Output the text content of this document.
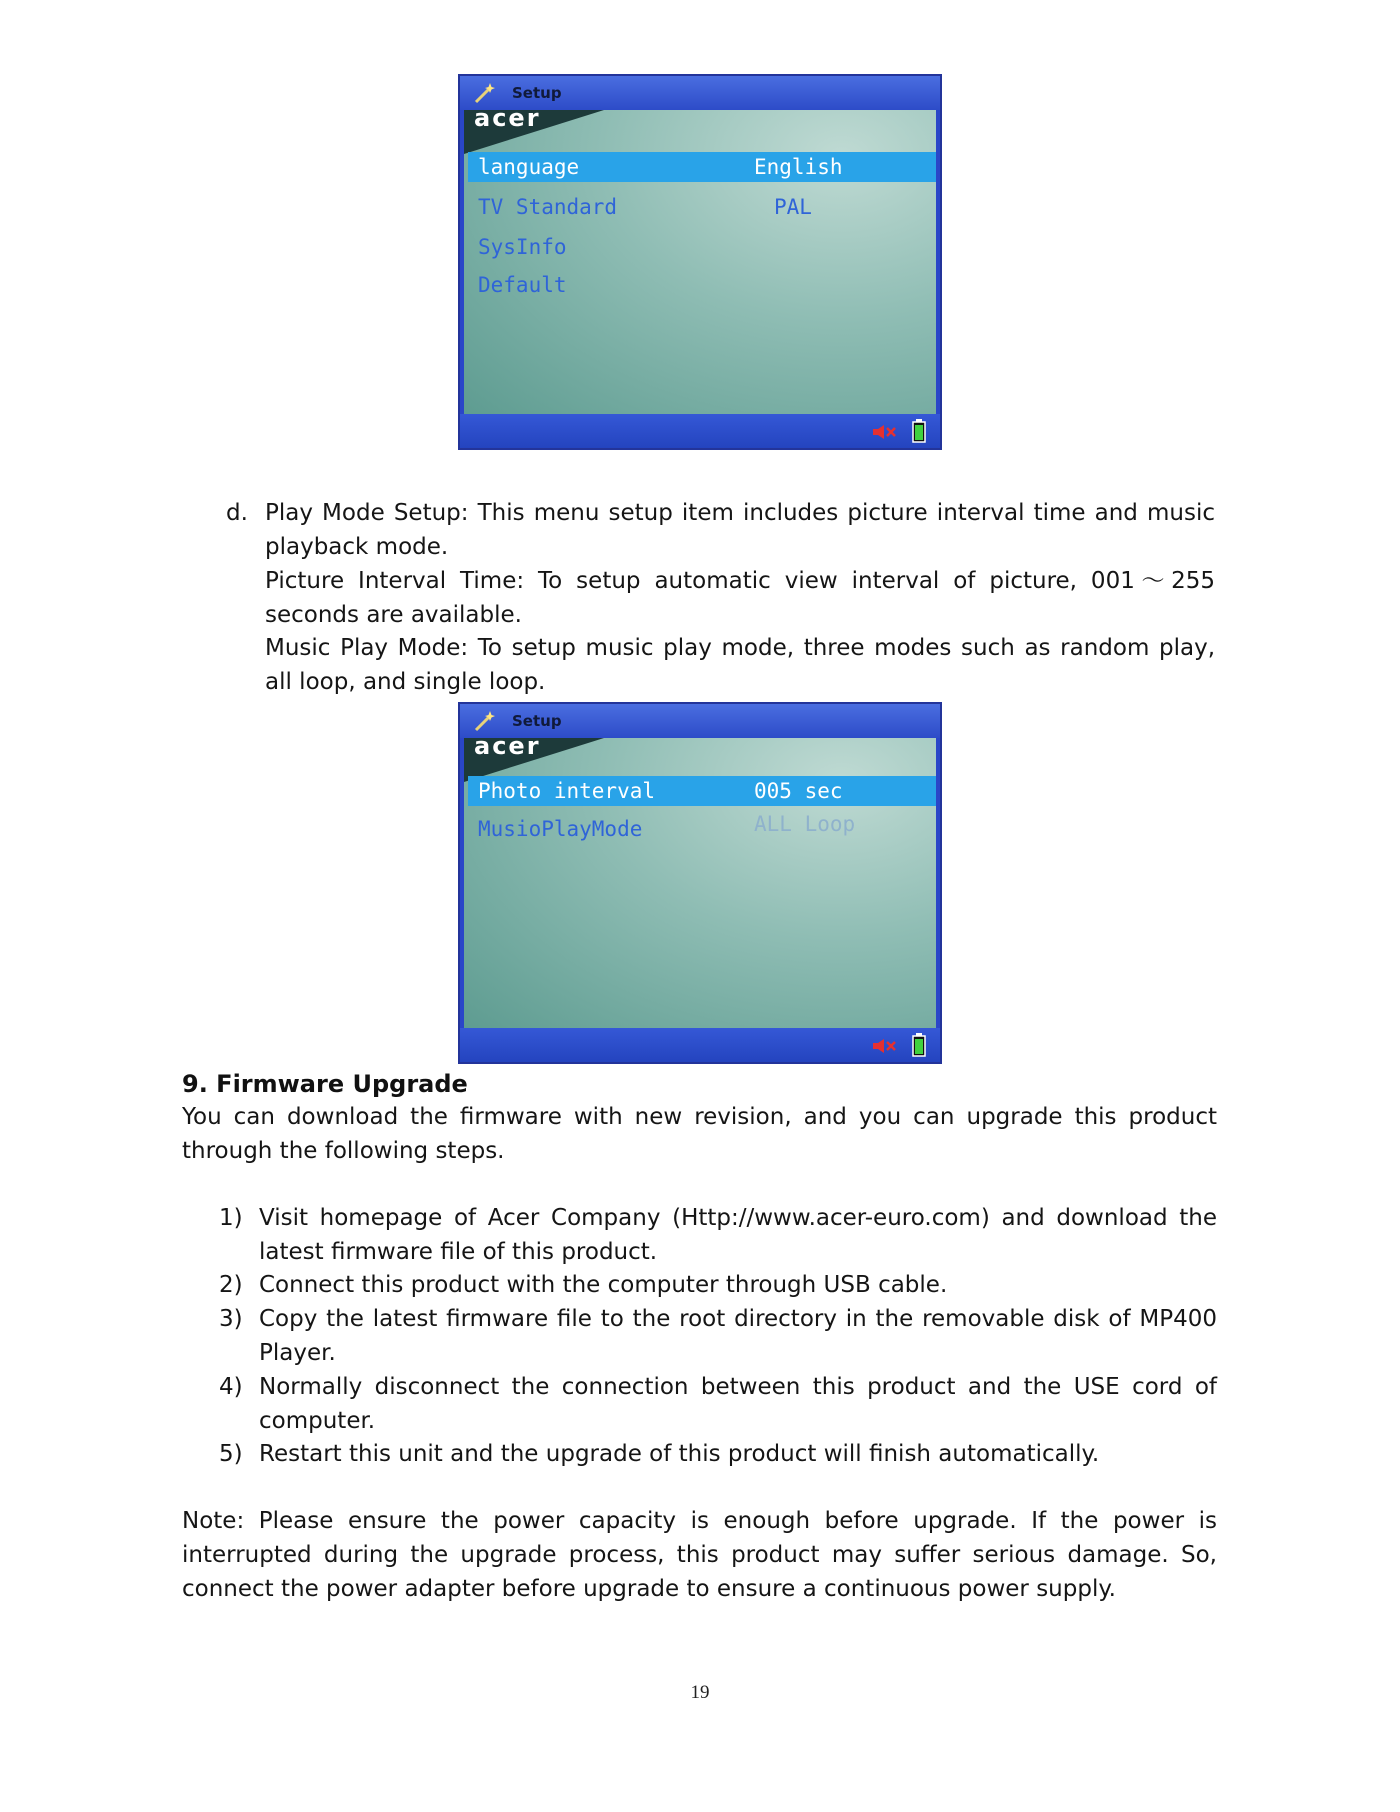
Setup
acer
language	English
TV Standard	PAL
SysInfo
Default
d. Play Mode Setup: This menu setup item includes picture interval time and music playback mode.
Picture Interval Time: To setup automatic view interval of picture, 001～255 seconds are available.
Music Play Mode: To setup music play mode, three modes such as random play, all loop, and single loop.
Setup
acer
Photo interval	005 sec
MusioPlayMode	ALL Loop
9. Firmware Upgrade
You can download the firmware with new revision, and you can upgrade this product through the following steps.
1) Visit homepage of Acer Company (Http://www.acer-euro.com) and download the latest firmware file of this product.
2) Connect this product with the computer through USB cable.
3) Copy the latest firmware file to the root directory in the removable disk of MP400 Player.
4) Normally disconnect the connection between this product and the USE cord of computer.
5) Restart this unit and the upgrade of this product will finish automatically.
Note: Please ensure the power capacity is enough before upgrade. If the power is interrupted during the upgrade process, this product may suffer serious damage. So, connect the power adapter before upgrade to ensure a continuous power supply.
19
